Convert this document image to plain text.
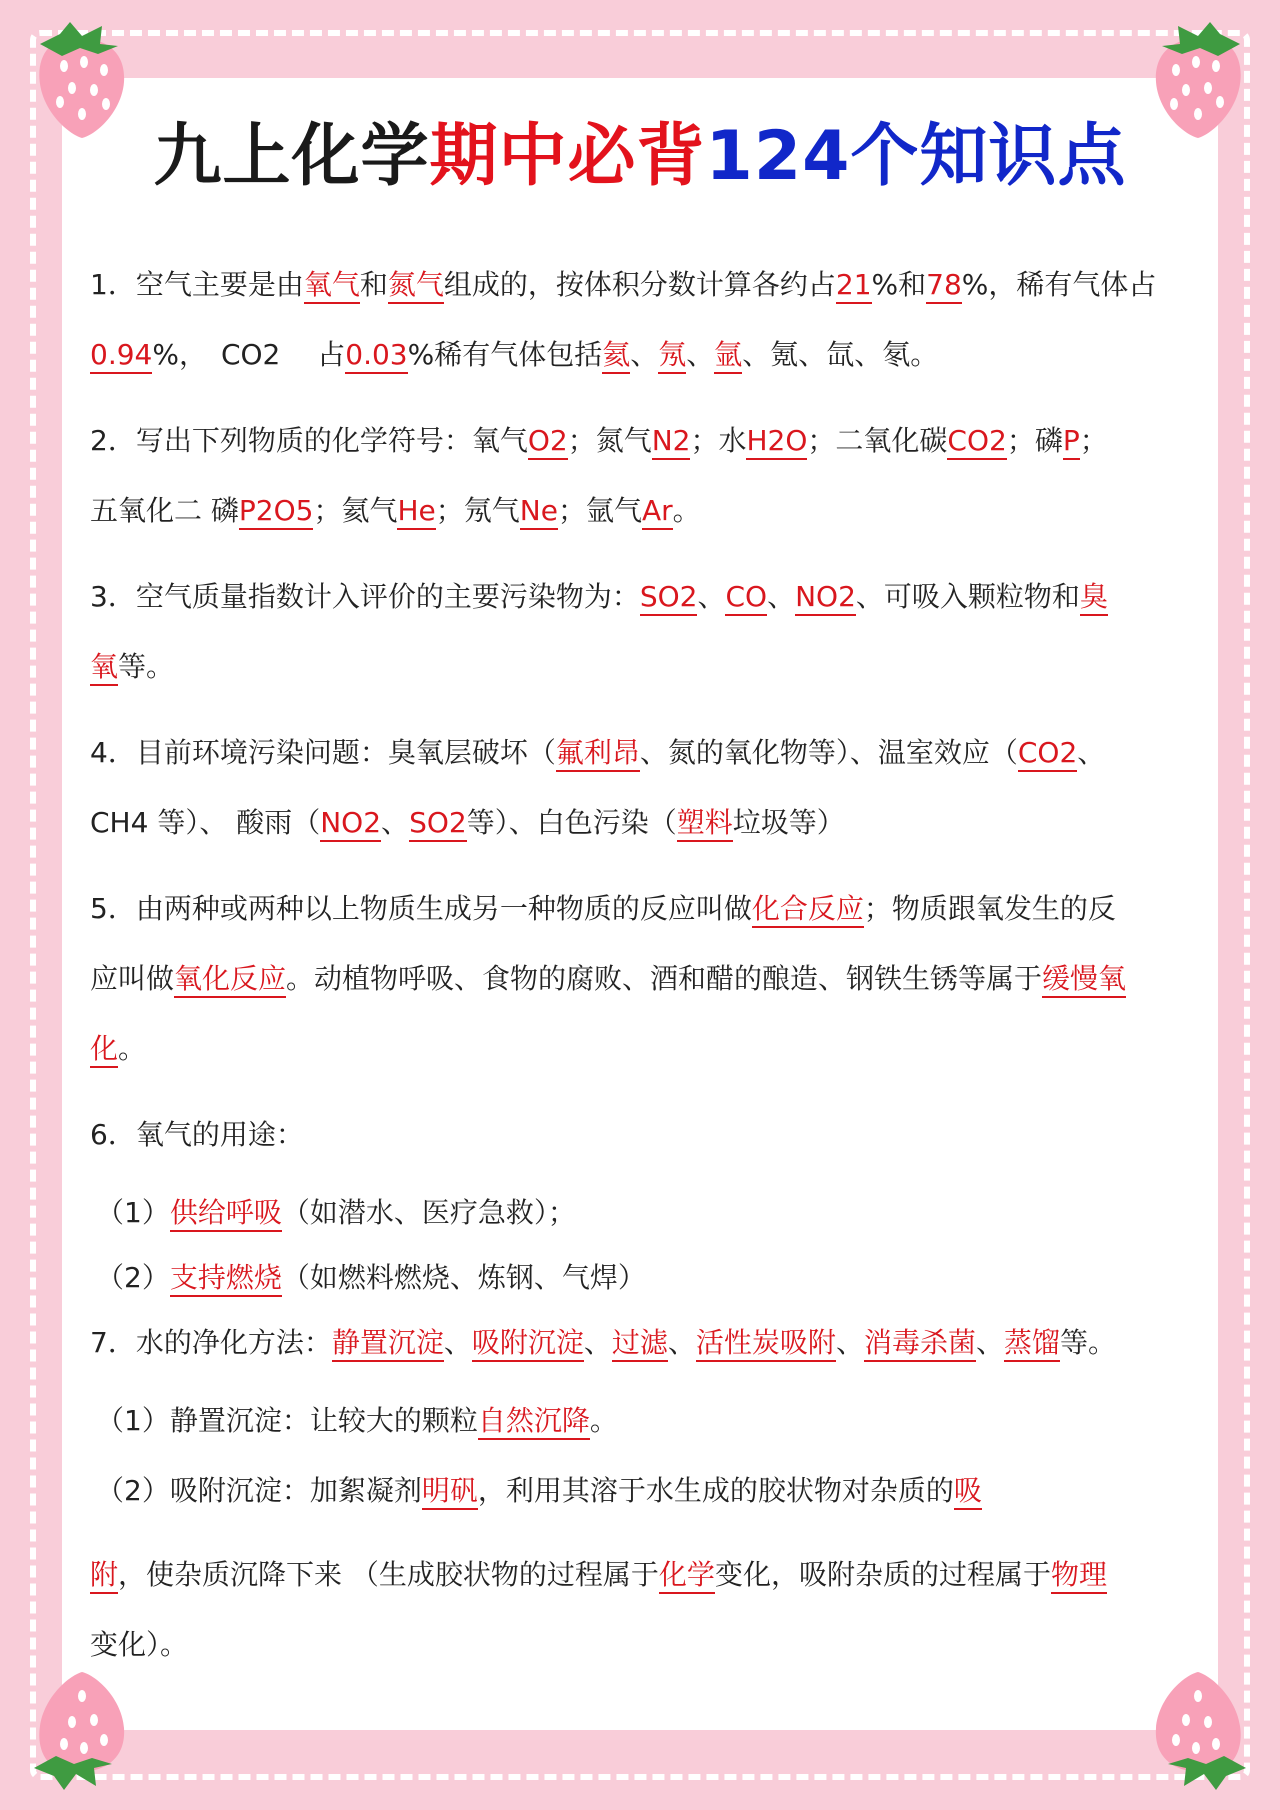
九上化学期中必背124个知识点
1．空气主要是由氧气和氮气组成的，按体积分数计算各约占21%和78%，稀有气体占
0.94%，　CO2　 占0.03%稀有气体包括氦、氖、氩、氪、氙、氡。
2．写出下列物质的化学符号：氧气O2；氮气N2；水H2O；二氧化碳CO2；磷P；
五氧化二 磷P2O5；氦气He；氖气Ne；氩气Ar。
3．空气质量指数计入评价的主要污染物为：SO2、CO、NO2、可吸入颗粒物和臭
氧等。
4．目前环境污染问题：臭氧层破坏（氟利昂、氮的氧化物等）、温室效应（CO2、
CH4 等）、 酸雨（NO2、SO2等）、白色污染（塑料垃圾等）
5．由两种或两种以上物质生成另一种物质的反应叫做化合反应；物质跟氧发生的反
应叫做氧化反应。动植物呼吸、食物的腐败、酒和醋的酿造、钢铁生锈等属于缓慢氧
化。
6．氧气的用途：
（1）供给呼吸（如潜水、医疗急救）；
（2）支持燃烧（如燃料燃烧、炼钢、气焊）
7．水的净化方法：静置沉淀、吸附沉淀、过滤、活性炭吸附、消毒杀菌、蒸馏等。
（1）静置沉淀：让较大的颗粒自然沉降。
（2）吸附沉淀：加絮凝剂明矾，利用其溶于水生成的胶状物对杂质的吸
附，使杂质沉降下来 （生成胶状物的过程属于化学变化，吸附杂质的过程属于物理
变化）。
